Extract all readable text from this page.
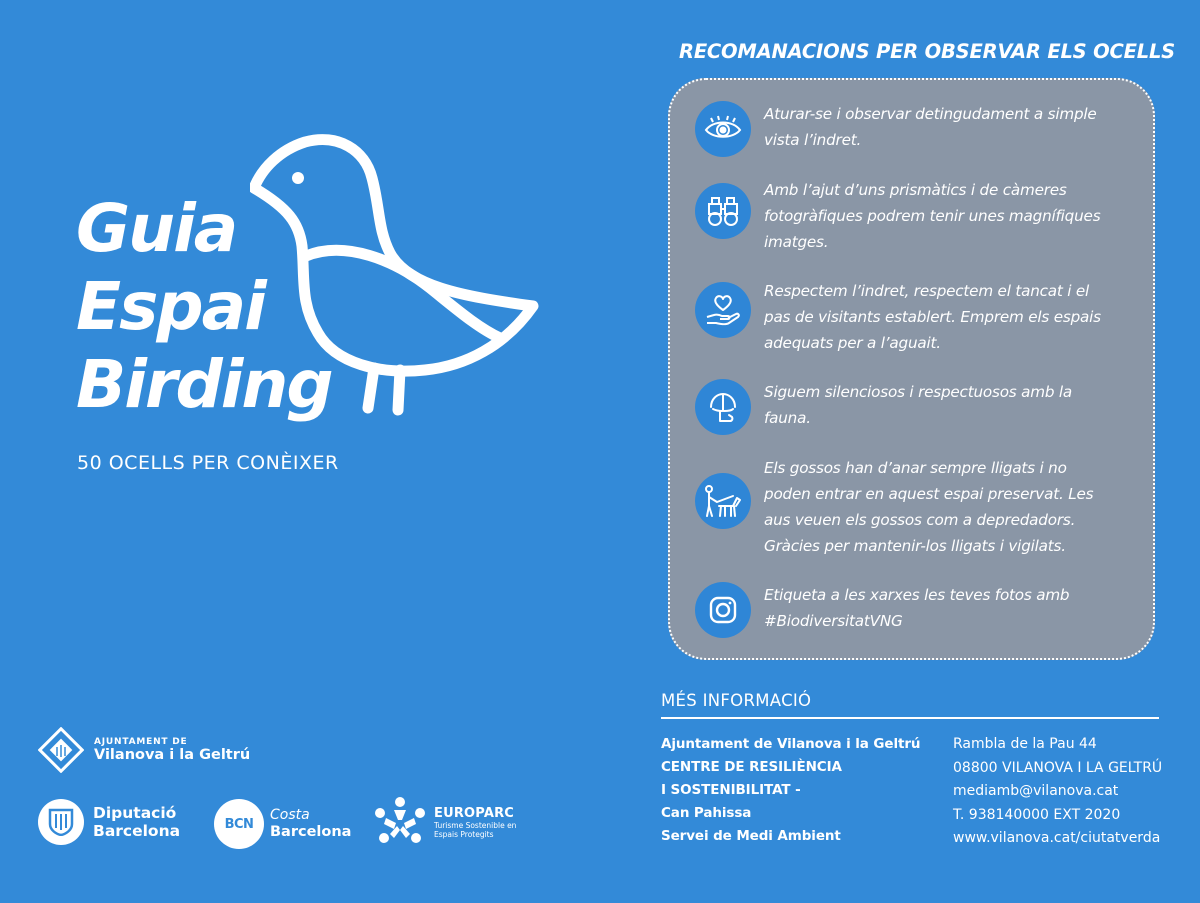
Guia
Espai
Birding
50 OCELLS PER CONÈIXER
AJUNTAMENT DE
Vilanova i la Geltrú
Diputació
Barcelona	BCN
Costa
Barcelona
EUROPARC
Turisme Sostenible en
Espais Protegits
RECOMANACIONS PER OBSERVAR ELS OCELLS
Aturar-se i observar detingudament a simple
vista l’indret.
Amb l’ajut d’uns prismàtics i de càmeres
fotogràfiques podrem tenir unes magnífiques
imatges.
Respectem l’indret, respectem el tancat i el
pas de visitants establert. Emprem els espais
adequats per a l’aguait.
Siguem silenciosos i respectuosos amb la
fauna.
Els gossos han d’anar sempre lligats i no
poden entrar en aquest espai preservat. Les
aus veuen els gossos com a depredadors.
Gràcies per mantenir-los lligats i vigilats.
Etiqueta a les xarxes les teves fotos amb
#BiodiversitatVNG
MÉS INFORMACIÓ
Ajuntament de Vilanova i la Geltrú
CENTRE DE RESILIÈNCIA
I SOSTENIBILITAT -
Can Pahissa
Servei de Medi Ambient
Rambla de la Pau 44
08800 VILANOVA I LA GELTRÚ
mediamb@vilanova.cat
T. 938140000 EXT 2020
www.vilanova.cat/ciutatverda
